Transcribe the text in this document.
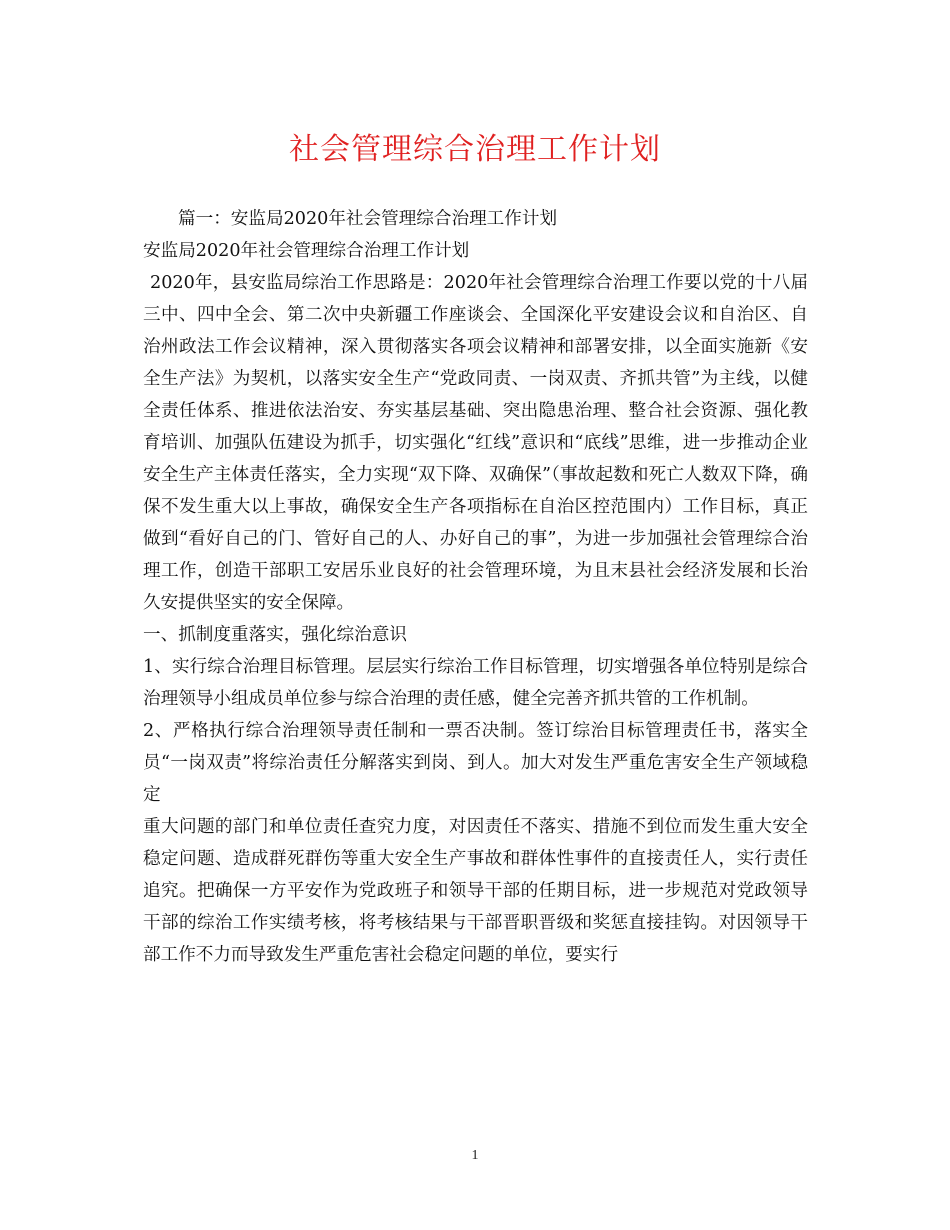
社会管理综合治理工作计划

篇一：安监局2020年社会管理综合治理工作计划

安监局2020年社会管理综合治理工作计划

2020年，县安监局综治工作思路是：2020年社会管理综合治理工作要以党的十八届三中、四中全会、第二次中央新疆工作座谈会、全国深化平安建设会议和自治区、自治州政法工作会议精神，深入贯彻落实各项会议精神和部署安排，以全面实施新《安全生产法》为契机，以落实安全生产“党政同责、一岗双责、齐抓共管”为主线，以健全责任体系、推进依法治安、夯实基层基础、突出隐患治理、整合社会资源、强化教育培训、加强队伍建设为抓手，切实强化“红线”意识和“底线”思维，进一步推动企业安全生产主体责任落实，全力实现“双下降、双确保”（事故起数和死亡人数双下降，确保不发生重大以上事故，确保安全生产各项指标在自治区控范围内）工作目标，真正做到“看好自己的门、管好自己的人、办好自己的事”，为进一步加强社会管理综合治理工作，创造干部职工安居乐业良好的社会管理环境，为且末县社会经济发展和长治久安提供坚实的安全保障。

一、抓制度重落实，强化综治意识

1、实行综合治理目标管理。层层实行综治工作目标管理，切实增强各单位特别是综合治理领导小组成员单位参与综合治理的责任感，健全完善齐抓共管的工作机制。

2、严格执行综合治理领导责任制和一票否决制。签订综治目标管理责任书，落实全员“一岗双责”将综治责任分解落实到岗、到人。加大对发生严重危害安全生产领域稳定

重大问题的部门和单位责任查究力度，对因责任不落实、措施不到位而发生重大安全稳定问题、造成群死群伤等重大安全生产事故和群体性事件的直接责任人，实行责任追究。把确保一方平安作为党政班子和领导干部的任期目标，进一步规范对党政领导干部的综治工作实绩考核，将考核结果与干部晋职晋级和奖惩直接挂钩。对因领导干部工作不力而导致发生严重危害社会稳定问题的单位，要实行

1
